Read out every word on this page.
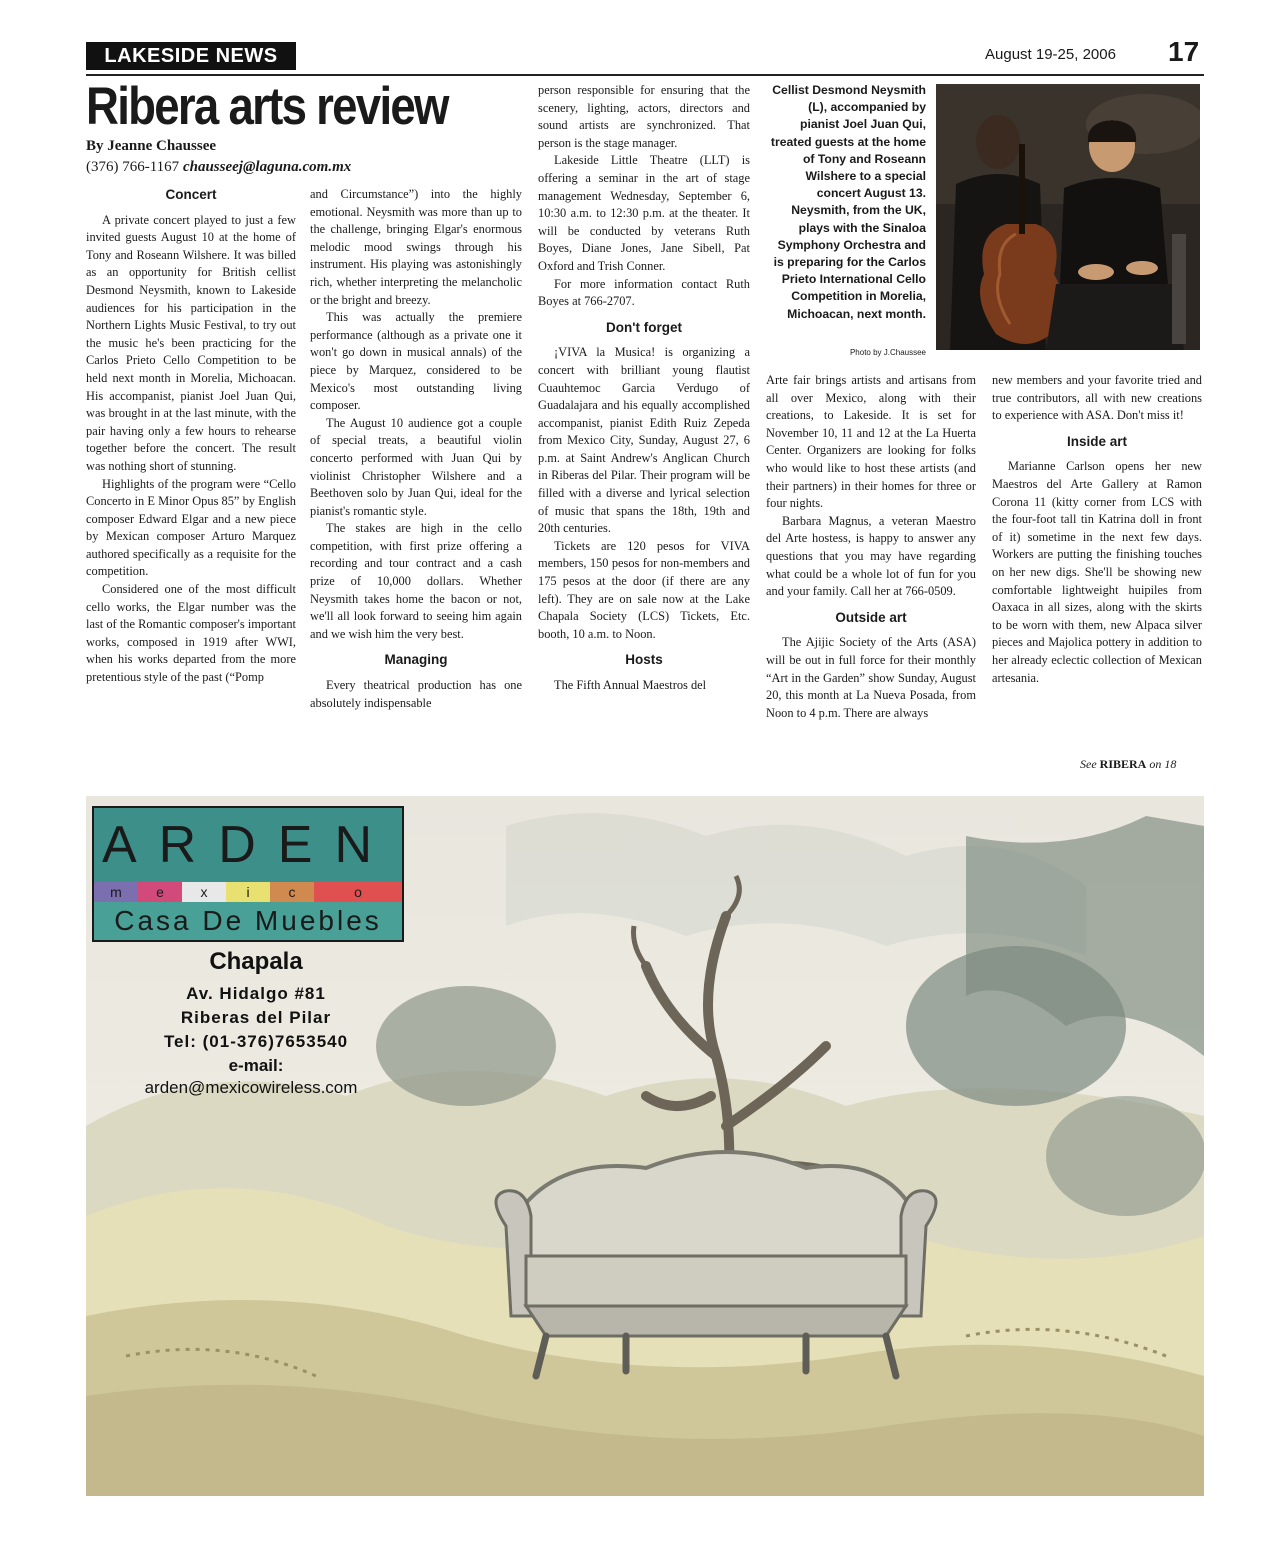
LAKESIDE NEWS	August 19-25, 2006 17
Ribera arts review
By Jeanne Chaussee
(376) 766-1167 chausseej@laguna.com.mx
Concert

A private concert played to just a few invited guests August 10 at the home of Tony and Roseann Wilshere. It was billed as an opportunity for British cellist Desmond Neysmith, known to Lakeside audiences for his participation in the Northern Lights Music Festival, to try out the music he's been practicing for the Carlos Prieto Cello Competition to be held next month in Morelia, Michoacan. His accompanist, pianist Joel Juan Qui, was brought in at the last minute, with the pair having only a few hours to rehearse together before the concert. The result was nothing short of stunning.

Highlights of the program were “Cello Concerto in E Minor Opus 85” by English composer Edward Elgar and a new piece by Mexican composer Arturo Marquez authored specifically as a requisite for the competition.

Considered one of the most difficult cello works, the Elgar number was the last of the Romantic composer's important works, composed in 1919 after WWI, when his works departed from the more pretentious style of the past (“Pomp

and Circumstance”) into the highly emotional. Neysmith was more than up to the challenge, bringing Elgar's enormous melodic mood swings through his instrument. His playing was astonishingly rich, whether interpreting the melancholic or the bright and breezy.

This was actually the premiere performance (although as a private one it won't go down in musical annals) of the piece by Marquez, considered to be Mexico's most outstanding living composer.

The August 10 audience got a couple of special treats, a beautiful violin concerto performed with Juan Qui by violinist Christopher Wilshere and a Beethoven solo by Juan Qui, ideal for the pianist's romantic style.

The stakes are high in the cello competition, with first prize offering a recording and tour contract and a cash prize of 10,000 dollars. Whether Neysmith takes home the bacon or not, we'll all look forward to seeing him again and we wish him the very best.

Managing

Every theatrical production has one absolutely indispensable

person responsible for ensuring that the scenery, lighting, actors, directors and sound artists are synchronized. That person is the stage manager.

Lakeside Little Theatre (LLT) is offering a seminar in the art of stage management Wednesday, September 6, 10:30 a.m. to 12:30 p.m. at the theater. It will be conducted by veterans Ruth Boyes, Diane Jones, Jane Sibell, Pat Oxford and Trish Conner.

For more information contact Ruth Boyes at 766-2707.

Don't forget

¡VIVA la Musica! is organizing a concert with brilliant young flautist Cuauhtemoc Garcia Verdugo of Guadalajara and his equally accomplished accompanist, pianist Edith Ruiz Zepeda from Mexico City, Sunday, August 27, 6 p.m. at Saint Andrew's Anglican Church in Riberas del Pilar. Their program will be filled with a diverse and lyrical selection of music that spans the 18th, 19th and 20th centuries.

Tickets are 120 pesos for VIVA members, 150 pesos for non-members and 175 pesos at the door (if there are any left). They are on sale now at the Lake Chapala Society (LCS) Tickets, Etc. booth, 10 a.m. to Noon.

Hosts

The Fifth Annual Maestros del

Cellist Desmond Neysmith (L), accompanied by pianist Joel Juan Qui, treated guests at the home of Tony and Roseann Wilshere to a special concert August 13. Neysmith, from the UK, plays with the Sinaloa Symphony Orchestra and is preparing for the Carlos Prieto International Cello Competition in Morelia, Michoacan, next month.
Photo by J.Chaussee

Arte fair brings artists and artisans from all over Mexico, along with their creations, to Lakeside. It is set for November 10, 11 and 12 at the La Huerta Center. Organizers are looking for folks who would like to host these artists (and their partners) in their homes for three or four nights.

Barbara Magnus, a veteran Maestro del Arte hostess, is happy to answer any questions that you may have regarding what could be a whole lot of fun for you and your family. Call her at 766-0509.

Outside art

The Ajijic Society of the Arts (ASA) will be out in full force for their monthly “Art in the Garden” show Sunday, August 20, this month at La Nueva Posada, from Noon to 4 p.m. There are always

new members and your favorite tried and true contributors, all with new creations to experience with ASA. Don't miss it!

Inside art

Marianne Carlson opens her new Maestros del Arte Gallery at Ramon Corona 11 (kitty corner from LCS with the four-foot tall tin Katrina doll in front of it) sometime in the next few days. Workers are putting the finishing touches on her new digs. She'll be showing new comfortable lightweight huipiles from Oaxaca in all sizes, along with the skirts to be worn with them, new Alpaca silver pieces and Majolica pottery in addition to her already eclectic collection of Mexican artesania.

See RIBERA on 18
ARDEN
m	e	x	i	c	o
Casa De Muebles
Chapala
Av. Hidalgo #81
Riberas del Pilar
Tel: (01-376)7653540
e-mail:
arden@mexicowireless.com
